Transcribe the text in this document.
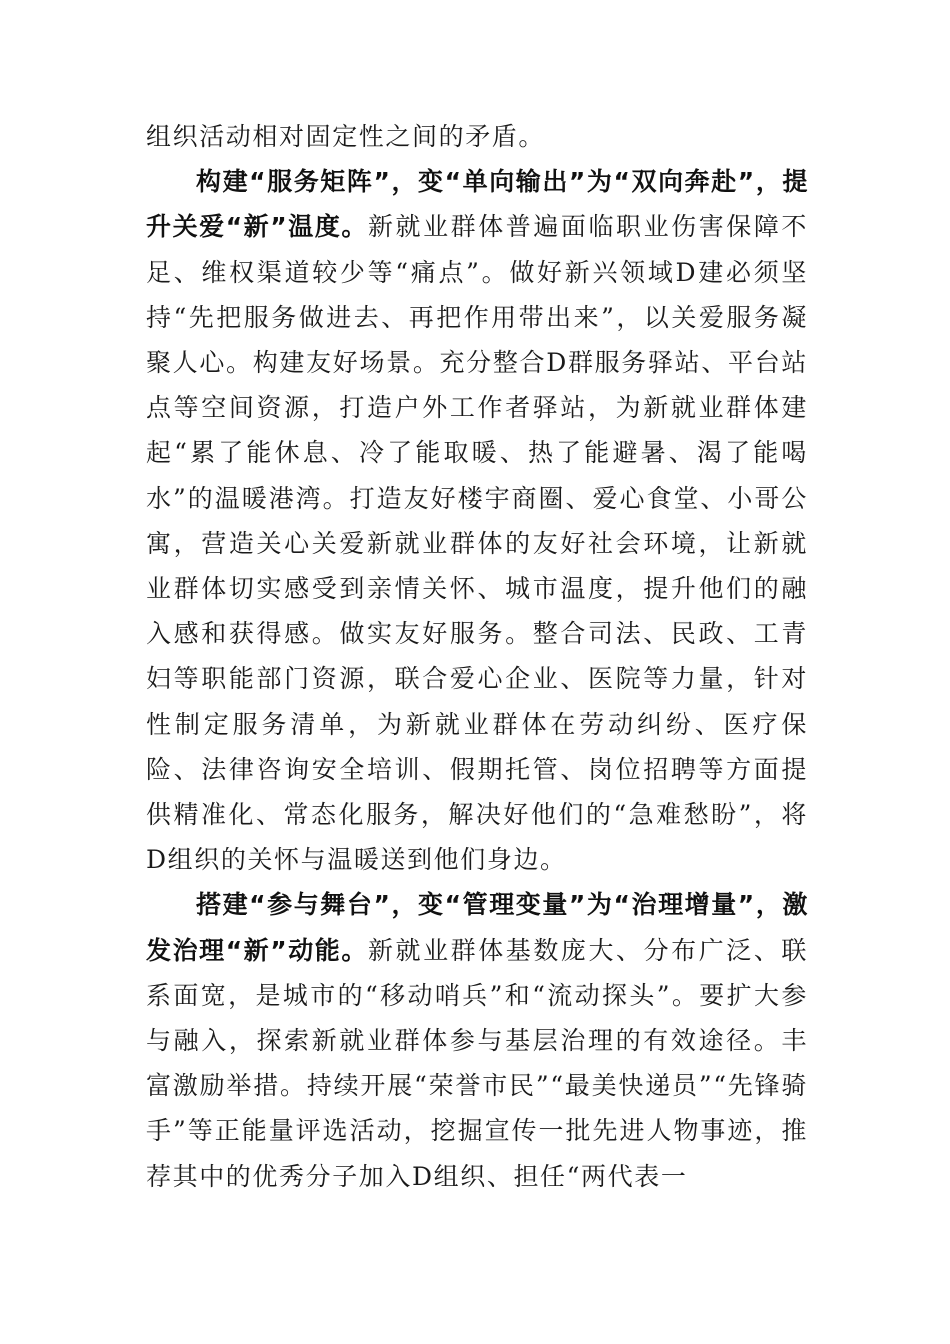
组织活动相对固定性之间的矛盾。

构建“服务矩阵”，变“单向输出”为“双向奔赴”，提升关爱“新”温度。新就业群体普遍面临职业伤害保障不足、维权渠道较少等“痛点”。做好新兴领域D建必须坚持“先把服务做进去、再把作用带出来”，以关爱服务凝聚人心。构建友好场景。充分整合D群服务驿站、平台站点等空间资源，打造户外工作者驿站，为新就业群体建起“累了能休息、冷了能取暖、热了能避暑、渴了能喝水”的温暖港湾。打造友好楼宇商圈、爱心食堂、小哥公寓，营造关心关爱新就业群体的友好社会环境，让新就业群体切实感受到亲情关怀、城市温度，提升他们的融入感和获得感。做实友好服务。整合司法、民政、工青妇等职能部门资源，联合爱心企业、医院等力量，针对性制定服务清单，为新就业群体在劳动纠纷、医疗保险、法律咨询安全培训、假期托管、岗位招聘等方面提供精准化、常态化服务，解决好他们的“急难愁盼”，将D组织的关怀与温暖送到他们身边。

搭建“参与舞台”，变“管理变量”为“治理增量”，激发治理“新”动能。新就业群体基数庞大、分布广泛、联系面宽，是城市的“移动哨兵”和“流动探头”。要扩大参与融入，探索新就业群体参与基层治理的有效途径。丰富激励举措。持续开展“荣誉市民”“最美快递员”“先锋骑手”等正能量评选活动，挖掘宣传一批先进人物事迹，推荐其中的优秀分子加入D组织、担任“两代表一
